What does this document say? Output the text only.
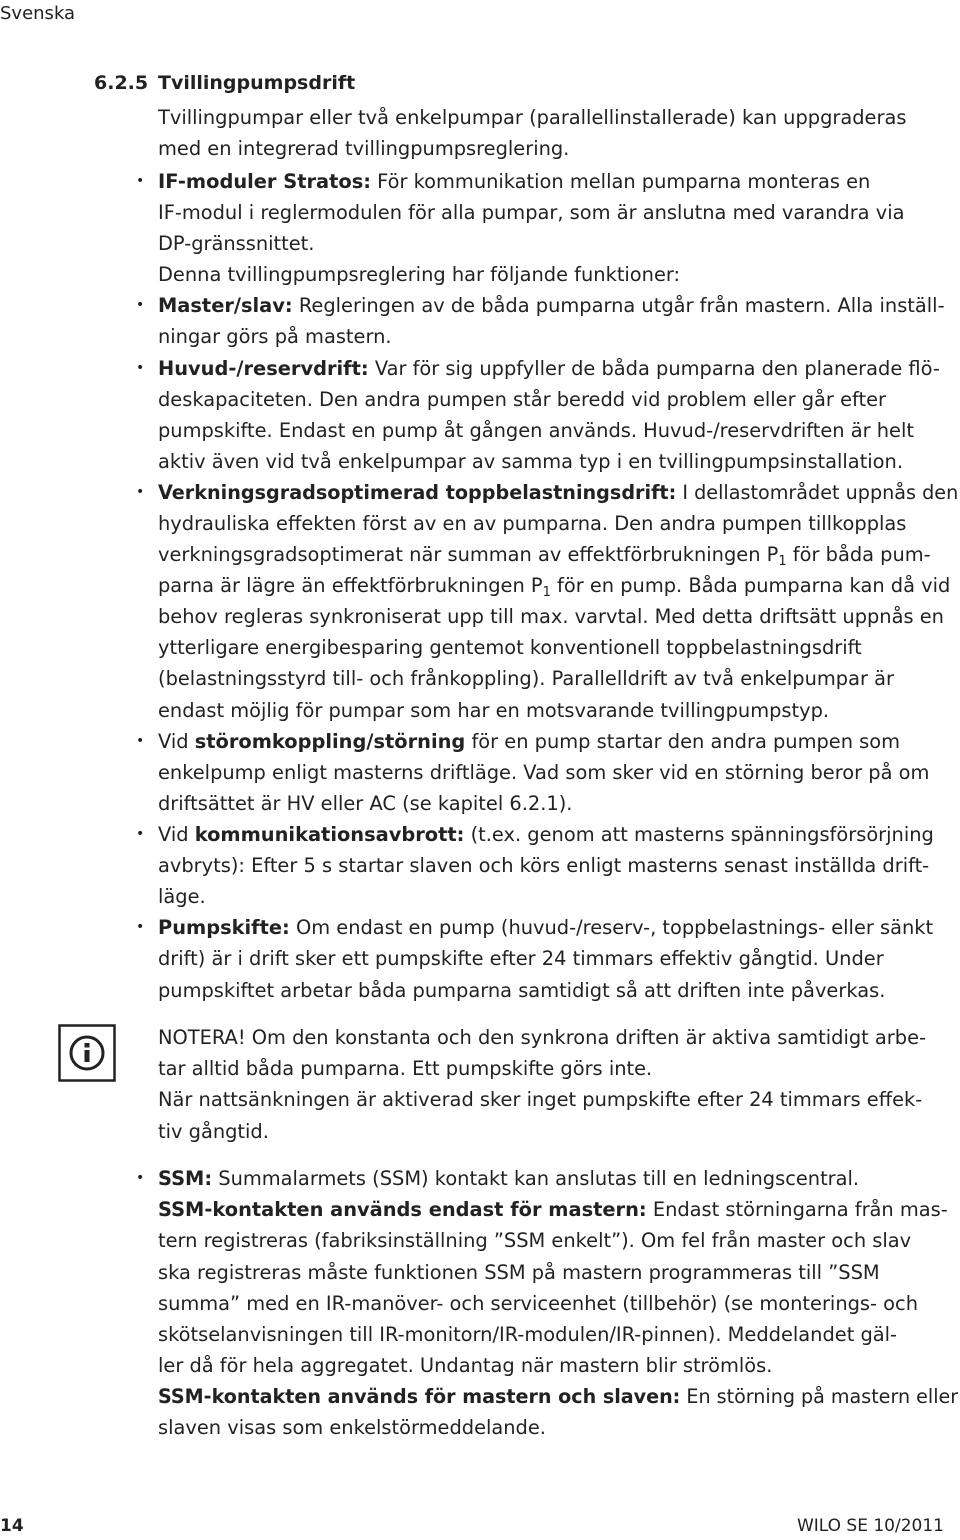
Svenska
6.2.5 Tvillingpumpsdrift
Tvillingpumpar eller två enkelpumpar (parallellinstallerade) kan uppgraderas
med en integrerad tvillingpumpsreglering.
• IF-moduler Stratos: För kommunikation mellan pumparna monteras en
IF-modul i reglermodulen för alla pumpar, som är anslutna med varandra via
DP-gränssnittet.
Denna tvillingpumpsreglering har följande funktioner:
• Master/slav: Regleringen av de båda pumparna utgår från mastern. Alla inställ-
ningar görs på mastern.
• Huvud-/reservdrift: Var för sig uppfyller de båda pumparna den planerade flö-
deskapaciteten. Den andra pumpen står beredd vid problem eller går efter
pumpskifte. Endast en pump åt gången används. Huvud-/reservdriften är helt
aktiv även vid två enkelpumpar av samma typ i en tvillingpumpsinstallation.
• Verkningsgradsoptimerad toppbelastningsdrift: I dellastområdet uppnås den
hydrauliska effekten först av en av pumparna. Den andra pumpen tillkopplas
verkningsgradsoptimerat när summan av effektförbrukningen $P_1$ för båda pum-
parna är lägre än effektförbrukningen $P_1$ för en pump. Båda pumparna kan då vid
behov regleras synkroniserat upp till max. varvtal. Med detta driftsätt uppnås en
ytterligare energibesparing gentemot konventionell toppbelastningsdrift
(belastningsstyrd till- och frånkoppling). Parallelldrift av två enkelpumpar är
endast möjlig för pumpar som har en motsvarande tvillingpumpstyp.
• Vid störomkoppling/störning för en pump startar den andra pumpen som
enkelpump enligt masterns driftläge. Vad som sker vid en störning beror på om
driftsättet är HV eller AC (se kapitel 6.2.1).
• Vid kommunikationsavbrott: (t.ex. genom att masterns spänningsförsörjning
avbryts): Efter 5 s startar slaven och körs enligt masterns senast inställda drift-
läge.
• Pumpskifte: Om endast en pump (huvud-/reserv-, toppbelastnings- eller sänkt
drift) är i drift sker ett pumpskifte efter 24 timmars effektiv gångtid. Under
pumpskiftet arbetar båda pumparna samtidigt så att driften inte påverkas.
NOTERA! Om den konstanta och den synkrona driften är aktiva samtidigt arbe-
tar alltid båda pumparna. Ett pumpskifte görs inte.
När nattsänkningen är aktiverad sker inget pumpskifte efter 24 timmars effek-
tiv gångtid.
• SSM: Summalarmets (SSM) kontakt kan anslutas till en ledningscentral.
SSM-kontakten används endast för mastern: Endast störningarna från mas-
tern registreras (fabriksinställning ”SSM enkelt”). Om fel från master och slav
ska registreras måste funktionen SSM på mastern programmeras till ”SSM
summa” med en IR-manöver- och serviceenhet (tillbehör) (se monterings- och
skötselanvisningen till IR-monitorn/IR-modulen/IR-pinnen). Meddelandet gäl-
ler då för hela aggregatet. Undantag när mastern blir strömlös.
SSM-kontakten används för mastern och slaven: En störning på mastern eller
slaven visas som enkelstörmeddelande.
14	WILO SE 10/2011
